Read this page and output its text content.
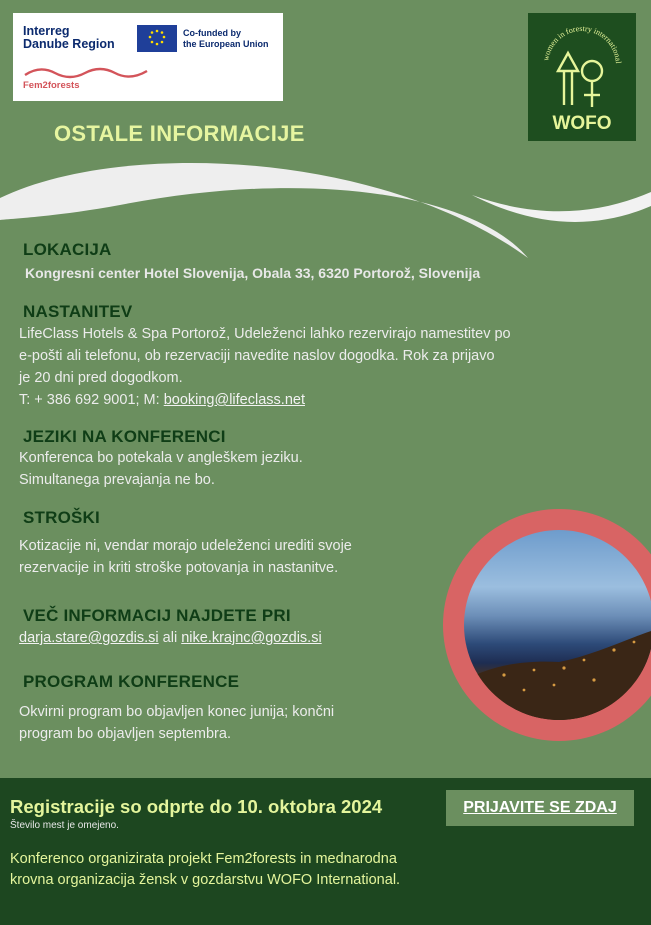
Interreg
Danube Region
Co-funded by
the European Union
Fem2forests
women in forestry international
WOFO
OSTALE INFORMACIJE
LOKACIJA
Kongresni center Hotel Slovenija, Obala 33, 6320 Portorož, Slovenija
NASTANITEV
LifeClass Hotels & Spa Portorož, Udeleženci lahko rezervirajo namestitev po
e-pošti ali telefonu, ob rezervaciji navedite naslov dogodka. Rok za prijavo
je 20 dni pred dogodkom.
T: + 386 692 9001; M: booking@lifeclass.net
JEZIKI NA KONFERENCI
Konferenca bo potekala v angleškem jeziku.
Simultanega prevajanja ne bo.
STROŠKI
Kotizacije ni, vendar morajo udeleženci urediti svoje
rezervacije in kriti stroške potovanja in nastanitve.
VEČ INFORMACIJ NAJDETE PRI
darja.stare@gozdis.si ali nike.krajnc@gozdis.si
PROGRAM KONFERENCE
Okvirni program bo objavljen konec junija; končni
program bo objavljen septembra.
Registracije so odprte do 10. oktobra 2024
Število mest je omejeno.
PRIJAVITE SE ZDAJ
Konferenco organizirata projekt Fem2forests in mednarodna
krovna organizacija žensk v gozdarstvu WOFO International.
